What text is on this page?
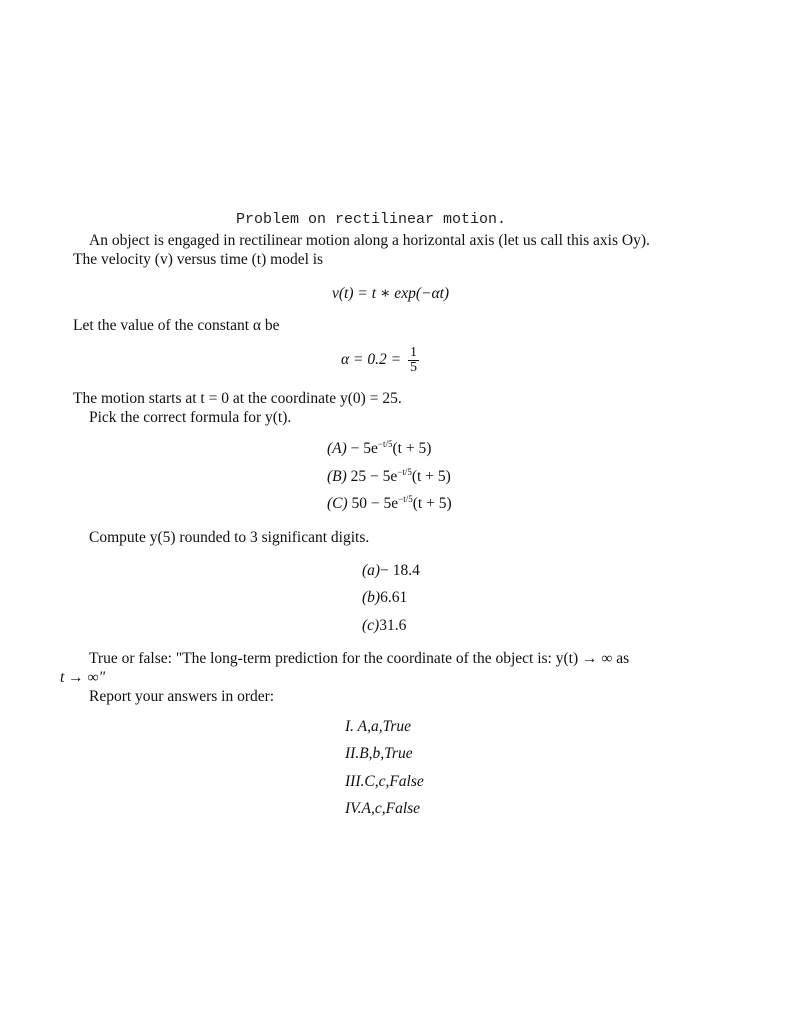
Problem on rectilinear motion.
An object is engaged in rectilinear motion along a horizontal axis (let us call this axis Oy).
The velocity (v) versus time (t) model is
v(t) = t ∗ exp(−αt)
Let the value of the constant α be
$\alpha = 0.2 = \frac{1}{5}$
The motion starts at t = 0 at the coordinate y(0) = 25.
Pick the correct formula for y(t).
$(A) - 5e^{-t/5}(t + 5)$
(B) $25 - 5e^{-t/5}(t + 5)$
(C) $50 - 5e^{-t/5}(t + 5)$
Compute y(5) rounded to 3 significant digits.
(a)− 18.4
(b)6.61
(c)31.6
True or false: "The long-term prediction for the coordinate of the object is: y(t) → ∞ as
t → ∞"
Report your answers in order:
I. A,a,True
II.B,b,True
III.C,c,False
IV.A,c,False
